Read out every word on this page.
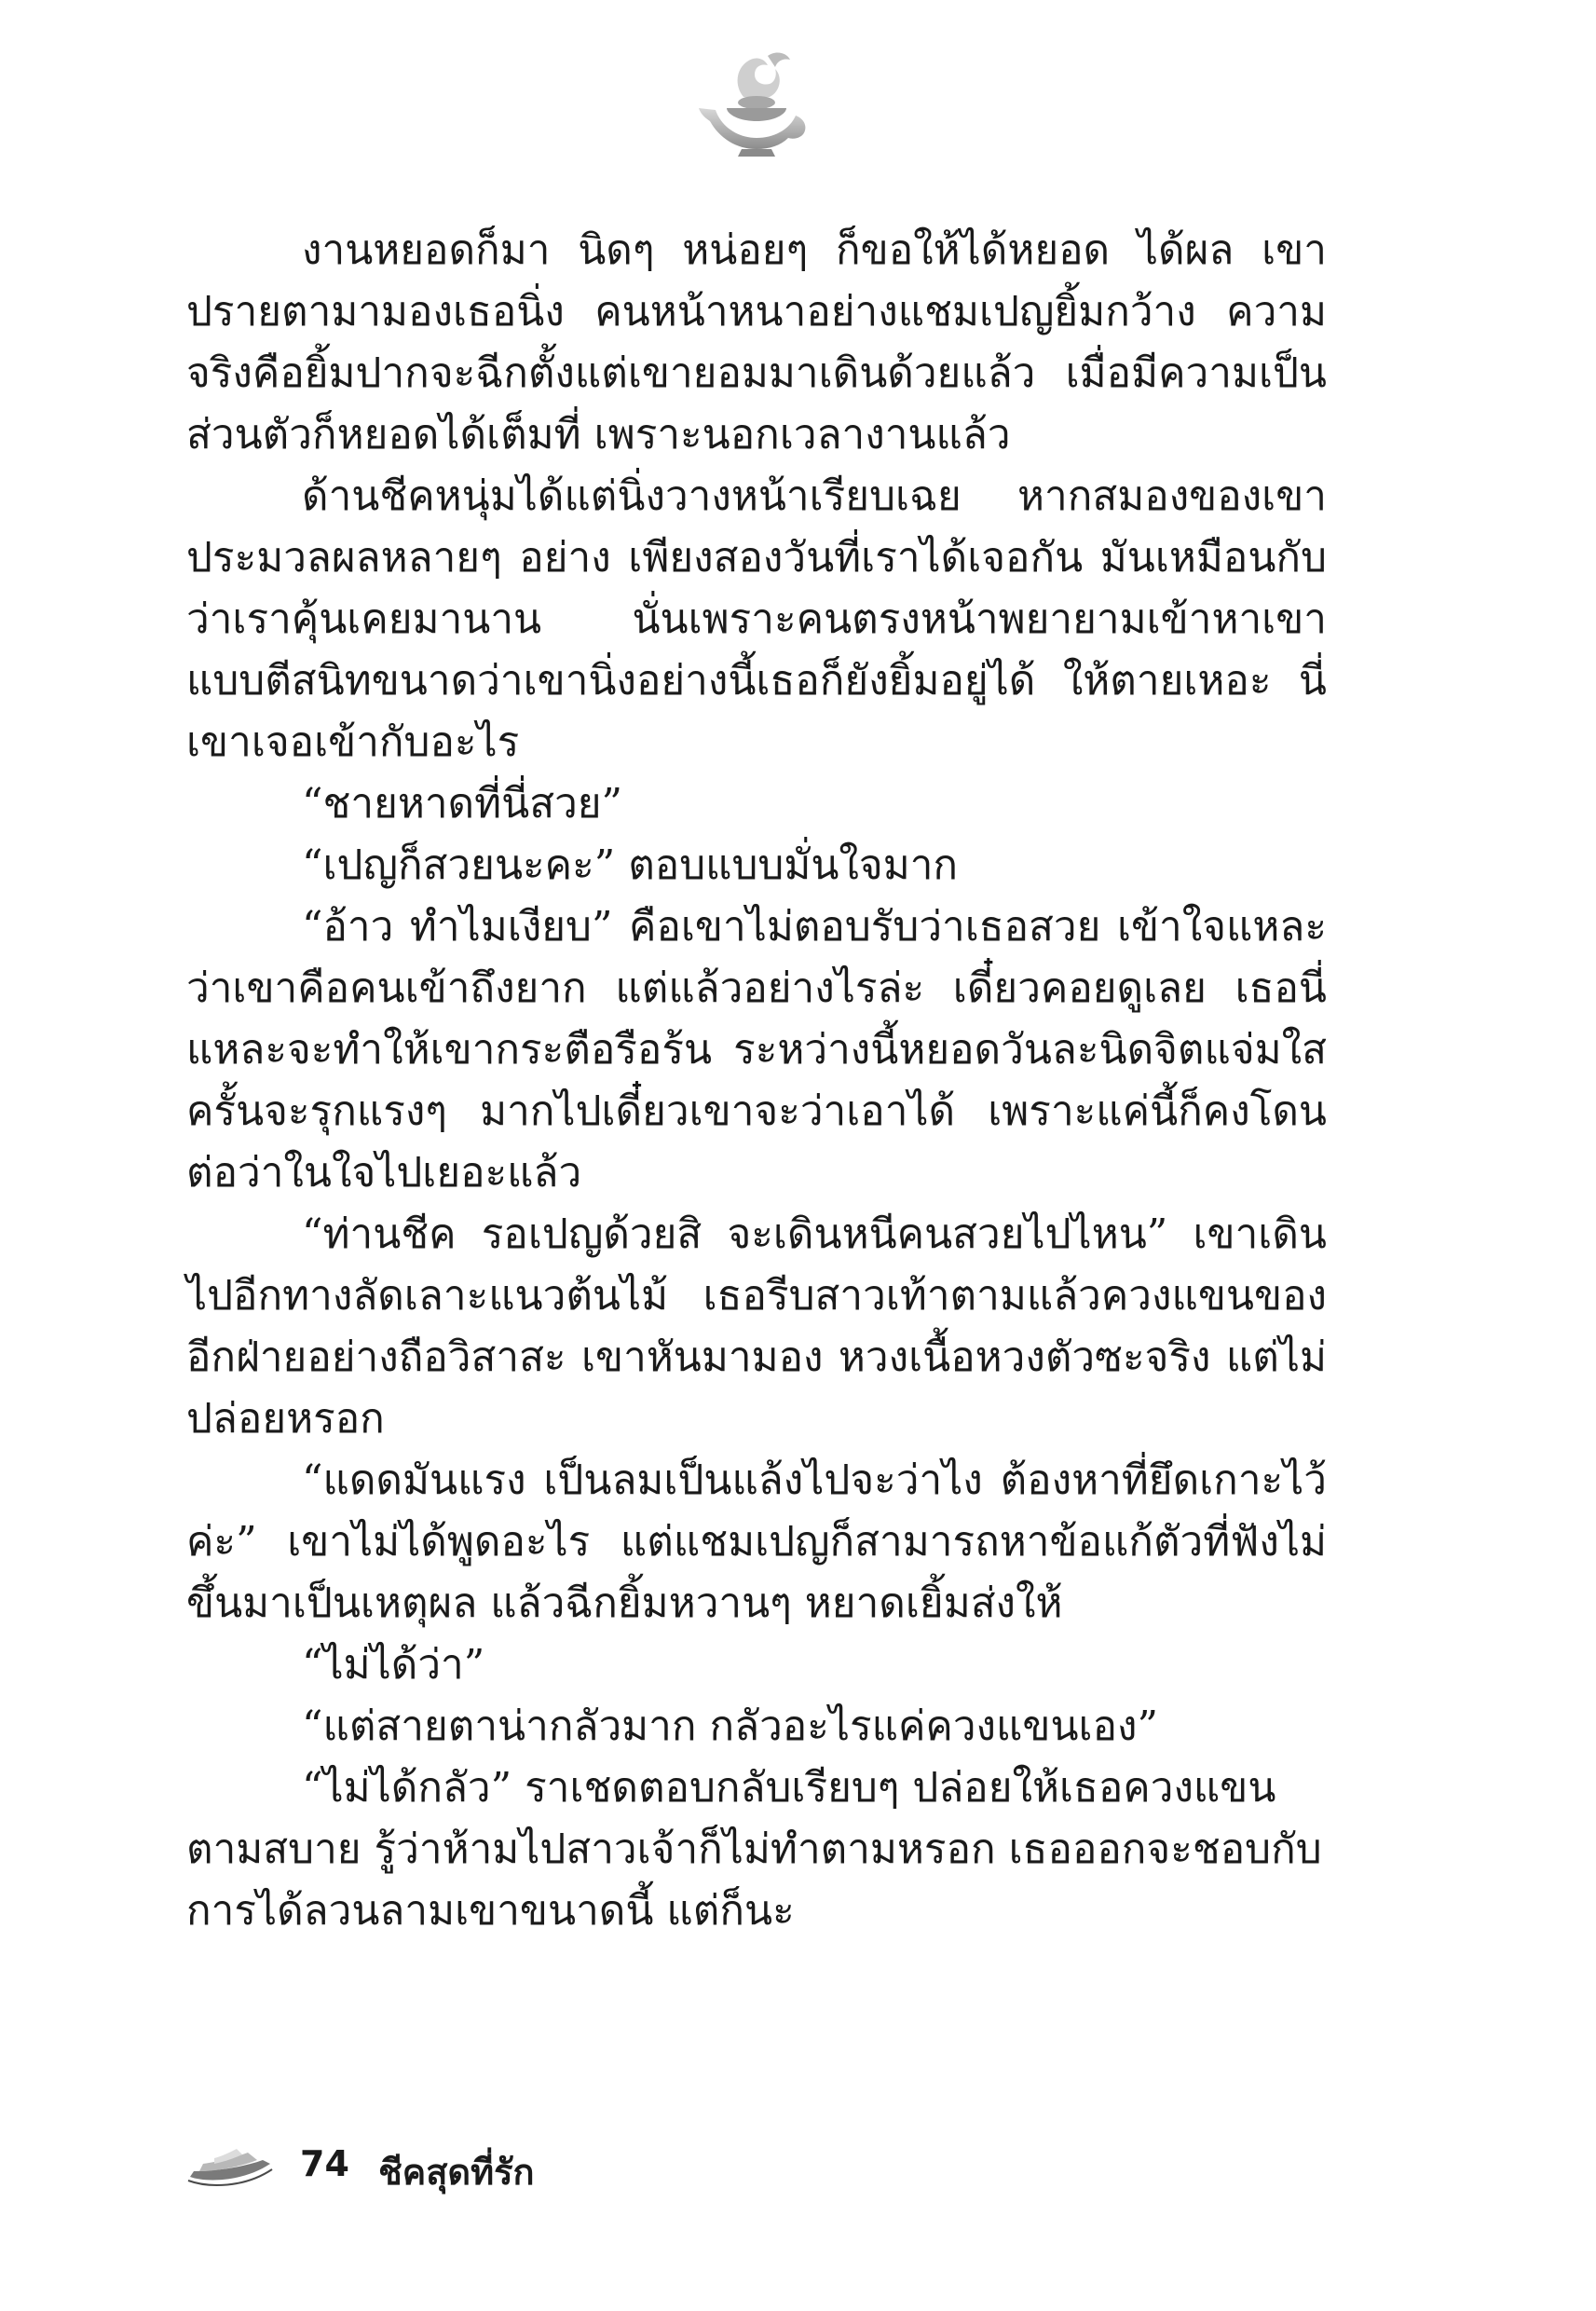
งานหยอดก็มา นิดๆ หน่อยๆ ก็ขอให้ได้หยอด ได้ผล เขาปรายตามามองเธอนิ่ง คนหน้าหนาอย่างแชมเปญยิ้มกว้าง ความจริงคือยิ้มปากจะฉีกตั้งแต่เขายอมมาเดินด้วยแล้ว เมื่อมีความเป็นส่วนตัวก็หยอดได้เต็มที่ เพราะนอกเวลางานแล้ว

ด้านชีคหนุ่มได้แต่นิ่งวางหน้าเรียบเฉย หากสมองของเขาประมวลผลหลายๆ อย่าง เพียงสองวันที่เราได้เจอกัน มันเหมือนกับว่าเราคุ้นเคยมานาน นั่นเพราะคนตรงหน้าพยายามเข้าหาเขาแบบตีสนิทขนาดว่าเขานิ่งอย่างนี้เธอก็ยังยิ้มอยู่ได้ ให้ตายเหอะ นี่เขาเจอเข้ากับอะไร

“ชายหาดที่นี่สวย”

“เปญก็สวยนะคะ” ตอบแบบมั่นใจมาก

“อ้าว ทำไมเงียบ” คือเขาไม่ตอบรับว่าเธอสวย เข้าใจแหละว่าเขาคือคนเข้าถึงยาก แต่แล้วอย่างไรล่ะ เดี๋ยวคอยดูเลย เธอนี่แหละจะทำให้เขากระตือรือร้น ระหว่างนี้หยอดวันละนิดจิตแจ่มใส ครั้นจะรุกแรงๆ มากไปเดี๋ยวเขาจะว่าเอาได้ เพราะแค่นี้ก็คงโดนต่อว่าในใจไปเยอะแล้ว

“ท่านชีค รอเปญด้วยสิ จะเดินหนีคนสวยไปไหน” เขาเดินไปอีกทางลัดเลาะแนวต้นไม้ เธอรีบสาวเท้าตามแล้วควงแขนของอีกฝ่ายอย่างถือวิสาสะ เขาหันมามอง หวงเนื้อหวงตัวซะจริง แต่ไม่ปล่อยหรอก

“แดดมันแรง เป็นลมเป็นแล้งไปจะว่าไง ต้องหาที่ยึดเกาะไว้ค่ะ” เขาไม่ได้พูดอะไร แต่แชมเปญก็สามารถหาข้อแก้ตัวที่ฟังไม่ขึ้นมาเป็นเหตุผล แล้วฉีกยิ้มหวานๆ หยาดเยิ้มส่งให้

“ไม่ได้ว่า”

“แต่สายตาน่ากลัวมาก กลัวอะไรแค่ควงแขนเอง”

“ไม่ได้กลัว” ราเชดตอบกลับเรียบๆ ปล่อยให้เธอควงแขนตามสบาย รู้ว่าห้ามไปสาวเจ้าก็ไม่ทำตามหรอก เธอออกจะชอบกับการได้ลวนลามเขาขนาดนี้ แต่ก็นะ

74 ชีคสุดที่รัก
